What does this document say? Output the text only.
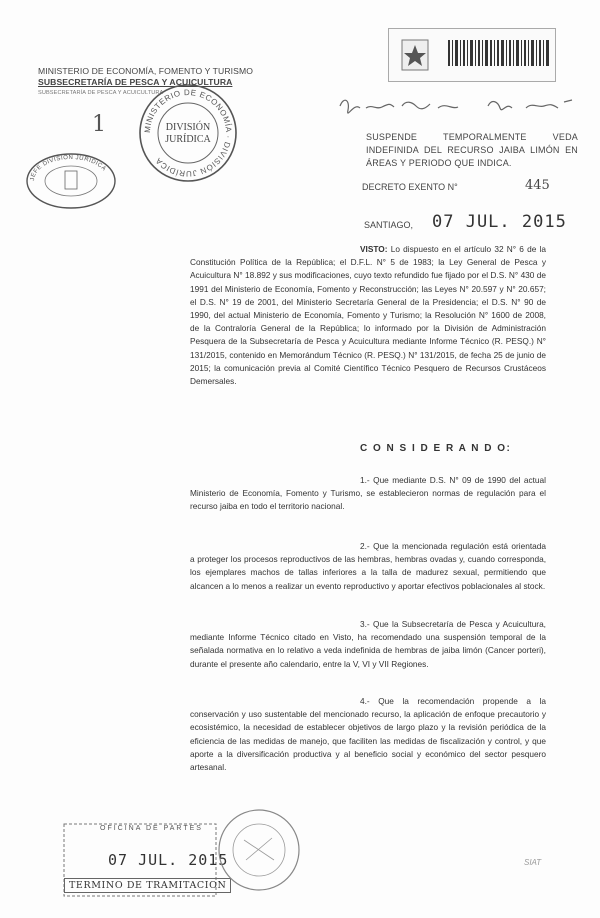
MINISTERIO DE ECONOMÍA, FOMENTO Y TURISMO
SUBSECRETARÍA DE PESCA Y ACUICULTURA
SUBSECRETARÍA DE PESCA Y ACUICULTURA
1	MINISTERIO DE ECONOMÍA · DIVISIÓN JURÍDICA
DIVISIÓN
JURÍDICA
JEFE DIVISIÓN JURÍDICA
SUSPENDE TEMPORALMENTE VEDA INDEFINIDA DEL RECURSO JAIBA LIMÓN EN ÁREAS Y PERIODO QUE INDICA.
DECRETO EXENTO N°	445
SANTIAGO, 07 JUL. 2015
VISTO: Lo dispuesto en el artículo 32 N° 6 de la Constitución Política de la República; el D.F.L. N° 5 de 1983; la Ley General de Pesca y Acuicultura N° 18.892 y sus modificaciones, cuyo texto refundido fue fijado por el D.S. N° 430 de 1991 del Ministerio de Economía, Fomento y Reconstrucción; las Leyes N° 20.597 y N° 20.657; el D.S. N° 19 de 2001, del Ministerio Secretaría General de la Presidencia; el D.S. N° 90 de 1990, del actual Ministerio de Economía, Fomento y Turismo; la Resolución N° 1600 de 2008, de la Contraloría General de la República; lo informado por la División de Administración Pesquera de la Subsecretaría de Pesca y Acuicultura mediante Informe Técnico (R. PESQ.) N° 131/2015, contenido en Memorándum Técnico (R. PESQ.) N° 131/2015, de fecha 25 de junio de 2015; la comunicación previa al Comité Científico Técnico Pesquero de Recursos Crustáceos Demersales.
C O N S I D E R A N D O:
1.- Que mediante D.S. N° 09 de 1990 del actual Ministerio de Economía, Fomento y Turismo, se establecieron normas de regulación para el recurso jaiba en todo el territorio nacional.
2.- Que la mencionada regulación está orientada a proteger los procesos reproductivos de las hembras, hembras ovadas y, cuando corresponda, los ejemplares machos de tallas inferiores a la talla de madurez sexual, permitiendo que alcancen a lo menos a realizar un evento reproductivo y aportar efectivos poblacionales al stock.
3.- Que la Subsecretaría de Pesca y Acuicultura, mediante Informe Técnico citado en Visto, ha recomendado una suspensión temporal de la señalada normativa en lo relativo a veda indefinida de hembras de jaiba limón (Cancer porteri), durante el presente año calendario, entre la V, VI y VII Regiones.
4.- Que la recomendación propende a la conservación y uso sustentable del mencionado recurso, la aplicación de enfoque precautorio y ecosistémico, la necesidad de establecer objetivos de largo plazo y la revisión periódica de la eficiencia de las medidas de manejo, que faciliten las medidas de fiscalización y control, y que aporte a la diversificación productiva y al beneficio social y económico del sector pesquero artesanal.
OFICINA DE PARTES
07 JUL. 2015
TERMINO DE TRAMITACION
SIAT
